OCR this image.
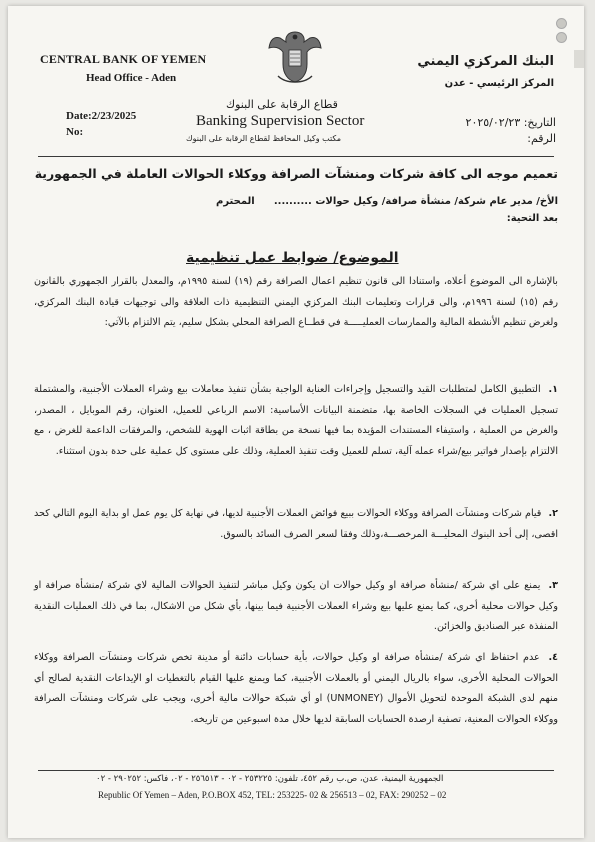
CENTRAL BANK OF YEMEN
Head Office - Aden
Date:2/23/2025
No:
البنك المركزي اليمني
المركز الرئيسي - عدن
التاريخ: ٢٠٢٥/٠٢/٢٣
الرقم:
قطاع الرقابة على البنوك
Banking Supervision Sector
مكتب وكيل المحافظ لقطاع الرقابة على البنوك
تعميم موجه الى كافة شركات ومنشآت الصرافة ووكلاء الحوالات العاملة في الجمهورية
الأخ/ مدير عام شركة/ منشأة صرافة/ وكيل حوالات ..........
المحترم
بعد التحية:
الموضوع/ ضوابط عمل تنظيمية
بالإشارة الى الموضوع أعلاه، واستنادا الى قانون تنظيم اعمال الصرافة رقم (١٩) لسنة ١٩٩٥م، والمعدل بالقرار الجمهوري بالقانون رقم (١٥) لسنة ١٩٩٦م، والى قرارات وتعليمات البنك المركزي اليمني التنظيمية ذات العلاقة والى توجيهات قيادة البنك المركزي، ولغرض تنظيم الأنشطة المالية والممارسات العمليـــــة في قطــاع الصرافة المحلي بشكل سليم، يتم الالتزام بالآتي:
١. التطبيق الكامل لمتطلبات القيد والتسجيل وإجراءات العناية الواجبة بشأن تنفيذ معاملات بيع وشراء العملات الأجنبية، والمشتملة تسجيل العمليات في السجلات الخاصة بها، متضمنة البيانات الأساسية: الاسم الرباعي للعميل، العنوان، رقم الموبايل ، المصدر، والغرض من العملية ، واستيفاء المستندات المؤيدة بما فيها نسخة من بطاقة اثبات الهوية للشخص، والمرفقات الداعمة للغرض ، مع الالتزام بإصدار فواتير بيع/شراء عمله آلية، تسلم للعميل وقت تنفيذ العملية، وذلك على مستوى كل عملية على حدة بدون استثناء.
٢. قيام شركات ومنشآت الصرافة ووكلاء الحوالات ببيع فوائض العملات الأجنبية لديها، في نهاية كل يوم عمل او بداية اليوم التالي كحد اقصى، إلى أحد البنوك المحليـــة المرخصـــة،وذلك وفقا لسعر الصرف السائد بالسوق.
٣. يمنع على اي شركة /منشأة صرافة او وكيل حوالات ان يكون وكيل مباشر لتنفيذ الحوالات المالية لاي شركة /منشأة صرافة او وكيل حوالات محلية أخرى، كما يمنع عليها بيع وشراء العملات الأجنبية فيما بينها، بأي شكل من الاشكال، بما في ذلك العمليات النقدية المنفذة عبر الصناديق والخزائن.
٤. عدم احتفاظ اي شركة /منشأة صرافة او وكيل حوالات، بأية حسابات دائنة أو مدينة تخص شركات ومنشآت الصرافة ووكلاء الحوالات المحلية الأخرى، سواء بالريال اليمني أو بالعملات الأجنبية، كما ويمنع عليها القيام بالتغطيات او الإيداعات النقدية لصالح أي منهم لدى الشبكة الموحدة لتحويل الأموال (UNMONEY) او أي شبكة حوالات مالية أخرى، ويجب على شركات ومنشآت الصرافة ووكلاء الحوالات المعنية، تصفية ارصدة الحسابات السابقة لديها خلال مدة اسبوعين من تاريخه.
الجمهورية اليمنية، عدن، ص.ب رقم ٤٥٢، تلفون: ٢٥٣٢٢٥ - ٠٢ - ٢٥٦٥١٣ - ٠٢، فاكس: ٢٩٠٢٥٢ - ٠٢
Republic Of Yemen – Aden, P.O.BOX 452, TEL: 253225- 02 & 256513 – 02, FAX: 290252 – 02
